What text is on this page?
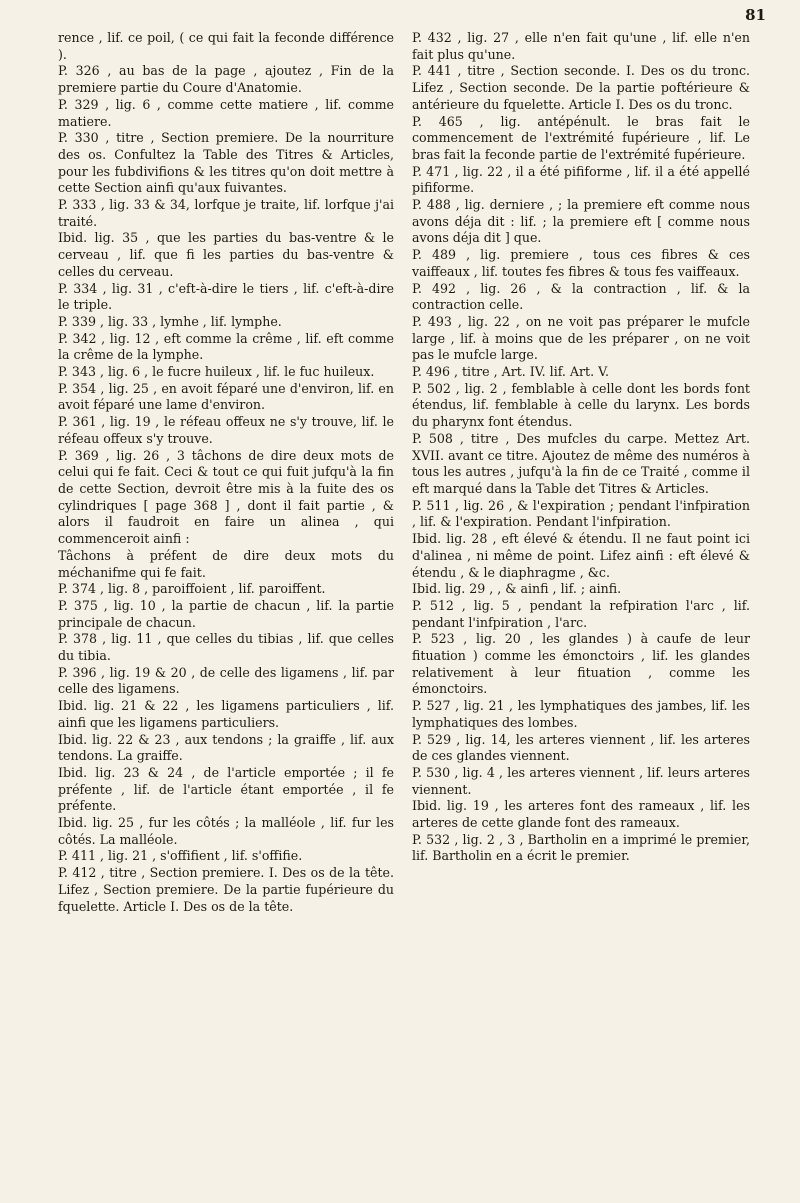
81

rence , lif. ce poil, ( ce qui fait la feconde différence ).

P. 326 , au bas de la page , ajoutez , Fin de la premiere partie du Coure d'Anatomie.

P. 329 , lig. 6 , comme cette matiere , lif. comme matiere.

P. 330 , titre , Section premiere. De la nourriture des os. Confultez la Table des Titres & Articles, pour les fubdivifions & les titres qu'on doit mettre à cette Section ainfi qu'aux fuivantes.

P. 333 , lig. 33 & 34, lorfque je traite, lif. lorfque j'ai traité.

Ibid. lig. 35 , que les parties du bas-ventre & le cerveau , lif. que fi les parties du bas-ventre & celles du cerveau.

P. 334 , lig. 31 , c'eft-à-dire le tiers , lif. c'eft-à-dire le triple.

P. 339 , lig. 33 , lymhe , lif. lymphe.

P. 342 , lig. 12 , eft comme la crême , lif. eft comme la crême de la lymphe.

P. 343 , lig. 6 , le fucre huileux , lif. le fuc huileux.

P. 354 , lig. 25 , en avoit féparé une d'environ, lif. en avoit féparé une lame d'environ.

P. 361 , lig. 19 , le réfeau offeux ne s'y trouve, lif. le réfeau offeux s'y trouve.

P. 369 , lig. 26 , 3 tâchons de dire deux mots de celui qui fe fait. Ceci & tout ce qui fuit jufqu'à la fin de cette Section, devroit être mis à la fuite des os cylindriques [ page 368 ] , dont il fait partie , & alors il faudroit en faire un alinea , qui commenceroit ainfi :

Tâchons à préfent de dire deux mots du méchanifme qui fe fait.

P. 374 , lig. 8 , paroiffoient , lif. paroiffent.

P. 375 , lig. 10 , la partie de chacun , lif. la partie principale de chacun.

P. 378 , lig. 11 , que celles du tibias , lif. que celles du tibia.

P. 396 , lig. 19 & 20 , de celle des ligamens , lif. par celle des ligamens.

Ibid. lig. 21 & 22 , les ligamens particuliers , lif. ainfi que les ligamens particuliers.

Ibid. lig. 22 & 23 , aux tendons ; la graiffe , lif. aux tendons. La graiffe.

Ibid. lig. 23 & 24 , de l'article emportée ; il fe préfente , lif. de l'article étant emportée , il fe préfente.

Ibid. lig. 25 , fur les côtés ; la malléole , lif. fur les côtés. La malléole.

P. 411 , lig. 21 , s'offifient , lif. s'offifie.

P. 412 , titre , Section premiere. I. Des os de la tête. Lifez , Section premiere. De la partie fupérieure du fquelette. Article I. Des os de la tête.

P. 432 , lig. 27 , elle n'en fait qu'une , lif. elle n'en fait plus qu'une.

P. 441 , titre , Section seconde. I. Des os du tronc. Lifez , Section seconde. De la partie poftérieure & antérieure du fquelette. Article I. Des os du tronc.

P. 465 , lig. antépénult. le bras fait le commencement de l'extrémité fupérieure , lif. Le bras fait la feconde partie de l'extrémité fupérieure.

P. 471 , lig. 22 , il a été pififorme , lif. il a été appellé pififorme.

P. 488 , lig. derniere , ; la premiere eft comme nous avons déja dit : lif. ; la premiere eft [ comme nous avons déja dit ] que.

P. 489 , lig. premiere , tous ces fibres & ces vaiffeaux , lif. toutes fes fibres & tous fes vaiffeaux.

P. 492 , lig. 26 , & la contraction , lif. & la contraction celle.

P. 493 , lig. 22 , on ne voit pas préparer le mufcle large , lif. à moins que de les préparer , on ne voit pas le mufcle large.

P. 496 , titre , Art. IV. lif. Art. V.

P. 502 , lig. 2 , femblable à celle dont les bords font étendus, lif. femblable à celle du larynx. Les bords du pharynx font étendus.

P. 508 , titre , Des mufcles du carpe. Mettez Art. XVII. avant ce titre. Ajoutez de même des numéros à tous les autres , jufqu'à la fin de ce Traité , comme il eft marqué dans la Table det Titres & Articles.

P. 511 , lig. 26 , & l'expiration ; pendant l'infpiration , lif. & l'expiration. Pendant l'infpiration.

Ibid. lig. 28 , eft élevé & étendu. Il ne faut point ici d'alinea , ni même de point. Lifez ainfi : eft élevé & étendu , & le diaphragme , &c.

Ibid. lig. 29 , , & ainfi , lif. ; ainfi.

P. 512 , lig. 5 , pendant la refpiration l'arc , lif. pendant l'infpiration , l'arc.

P. 523 , lig. 20 , les glandes ) à caufe de leur fituation ) comme les émonctoirs , lif. les glandes relativement à leur fituation , comme les émonctoirs.

P. 527 , lig. 21 , les lymphatiques des jambes, lif. les lymphatiques des lombes.

P. 529 , lig. 14, les arteres viennent , lif. les arteres de ces glandes viennent.

P. 530 , lig. 4 , les arteres viennent , lif. leurs arteres viennent.

Ibid. lig. 19 , les arteres font des rameaux , lif. les arteres de cette glande font des rameaux.

P. 532 , lig. 2 , 3 , Bartholin en a imprimé le premier, lif. Bartholin en a écrit le premier.
